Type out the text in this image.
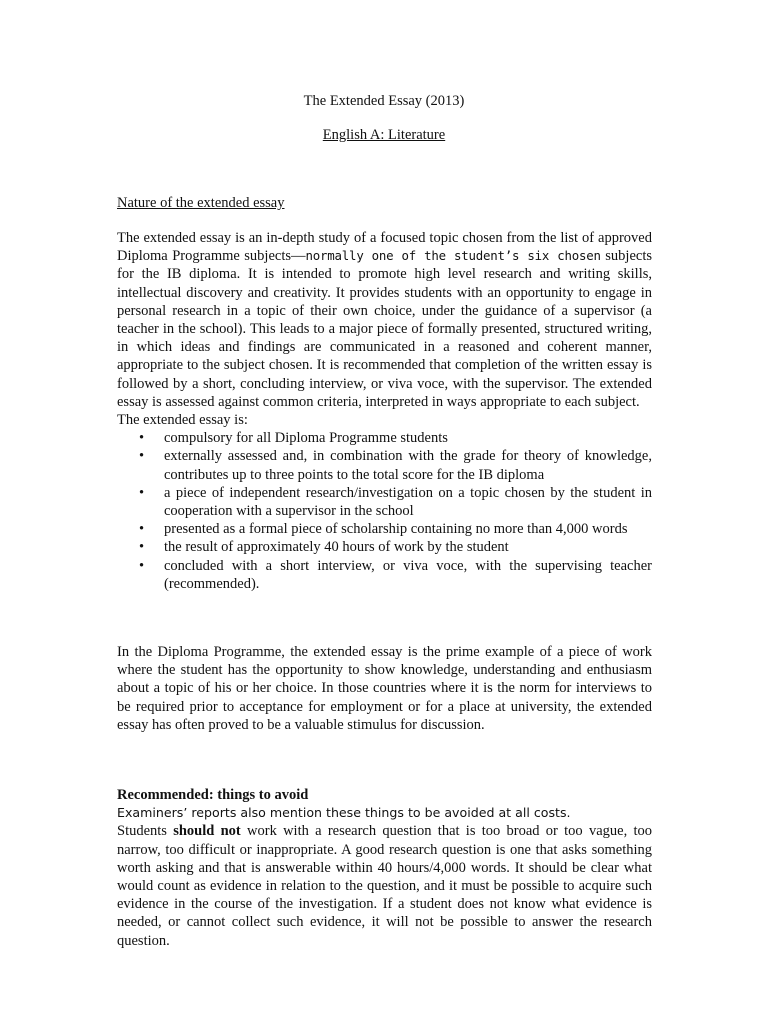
The Extended Essay (2013)
English A: Literature
Nature of the extended essay
The extended essay is an in-depth study of a focused topic chosen from the list of approved Diploma Programme subjects—normally one of the student’s six chosen subjects for the IB diploma. It is intended to promote high level research and writing skills, intellectual discovery and creativity. It provides students with an opportunity to engage in personal research in a topic of their own choice, under the guidance of a supervisor (a teacher in the school). This leads to a major piece of formally presented, structured writing, in which ideas and findings are communicated in a reasoned and coherent manner, appropriate to the subject chosen. It is recommended that completion of the written essay is followed by a short, concluding interview, or viva voce, with the supervisor. The extended essay is assessed against common criteria, interpreted in ways appropriate to each subject.
The extended essay is:
• compulsory for all Diploma Programme students
• externally assessed and, in combination with the grade for theory of knowledge, contributes up to three points to the total score for the IB diploma
• a piece of independent research/investigation on a topic chosen by the student in cooperation with a supervisor in the school
• presented as a formal piece of scholarship containing no more than 4,000 words
• the result of approximately 40 hours of work by the student
• concluded with a short interview, or viva voce, with the supervising teacher (recommended).
In the Diploma Programme, the extended essay is the prime example of a piece of work where the student has the opportunity to show knowledge, understanding and enthusiasm about a topic of his or her choice. In those countries where it is the norm for interviews to be required prior to acceptance for employment or for a place at university, the extended essay has often proved to be a valuable stimulus for discussion.
Recommended: things to avoid
Examiners’ reports also mention these things to be avoided at all costs.
Students should not work with a research question that is too broad or too vague, too narrow, too difficult or inappropriate. A good research question is one that asks something worth asking and that is answerable within 40 hours/4,000 words. It should be clear what would count as evidence in relation to the question, and it must be possible to acquire such evidence in the course of the investigation. If a student does not know what evidence is needed, or cannot collect such evidence, it will not be possible to answer the research question.
